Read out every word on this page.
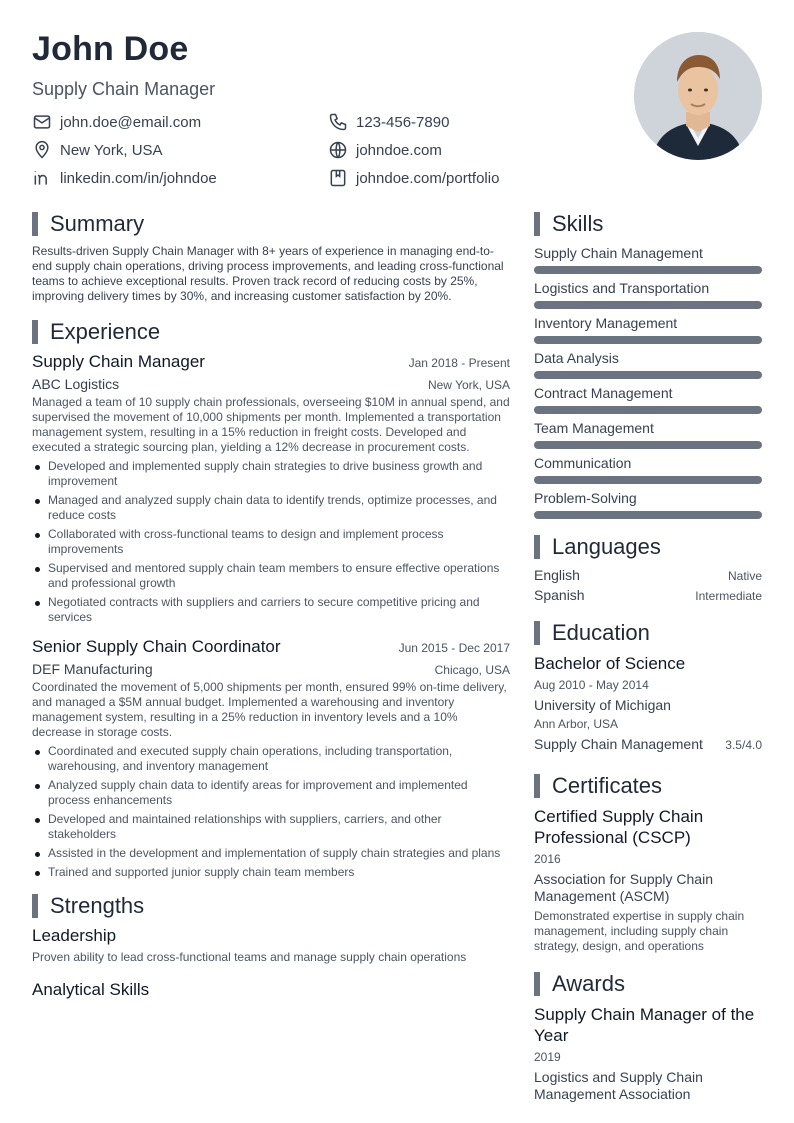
John Doe
Supply Chain Manager
john.doe@email.com	123-456-7890
New York, USA	johndoe.com
linkedin.com/in/johndoe	johndoe.com/portfolio
Summary

Results-driven Supply Chain Manager with 8+ years of experience in managing end-to-end supply chain operations, driving process improvements, and leading cross-functional teams to achieve exceptional results. Proven track record of reducing costs by 25%, improving delivery times by 30%, and increasing customer satisfaction by 20%.

Experience
Supply Chain Manager	Jan 2018 - Present
ABC Logistics	New York, USA
Managed a team of 10 supply chain professionals, overseeing $10M in annual spend, and supervised the movement of 10,000 shipments per month. Implemented a transportation management system, resulting in a 15% reduction in freight costs. Developed and executed a strategic sourcing plan, yielding a 12% decrease in procurement costs.
Developed and implemented supply chain strategies to drive business growth and improvement
Managed and analyzed supply chain data to identify trends, optimize processes, and reduce costs
Collaborated with cross-functional teams to design and implement process improvements
Supervised and mentored supply chain team members to ensure effective operations and professional growth
Negotiated contracts with suppliers and carriers to secure competitive pricing and services
Senior Supply Chain Coordinator	Jun 2015 - Dec 2017
DEF Manufacturing	Chicago, USA
Coordinated the movement of 5,000 shipments per month, ensured 99% on-time delivery, and managed a $5M annual budget. Implemented a warehousing and inventory management system, resulting in a 25% reduction in inventory levels and a 10% decrease in storage costs.
Coordinated and executed supply chain operations, including transportation, warehousing, and inventory management
Analyzed supply chain data to identify areas for improvement and implemented process enhancements
Developed and maintained relationships with suppliers, carriers, and other stakeholders
Assisted in the development and implementation of supply chain strategies and plans
Trained and supported junior supply chain team members
Strengths
Leadership
Proven ability to lead cross-functional teams and manage supply chain operations
Analytical Skills
Skills
Supply Chain Management
Logistics and Transportation
Inventory Management
Data Analysis
Contract Management
Team Management
Communication
Problem-Solving
Languages
English	Native
Spanish	Intermediate
Education
Bachelor of Science
Aug 2010 - May 2014
University of Michigan
Ann Arbor, USA
Supply Chain Management 3.5/4.0
Certificates
Certified Supply Chain Professional (CSCP)
2016
Association for Supply Chain Management (ASCM)
Demonstrated expertise in supply chain management, including supply chain strategy, design, and operations
Awards
Supply Chain Manager of the Year
2019
Logistics and Supply Chain Management Association
